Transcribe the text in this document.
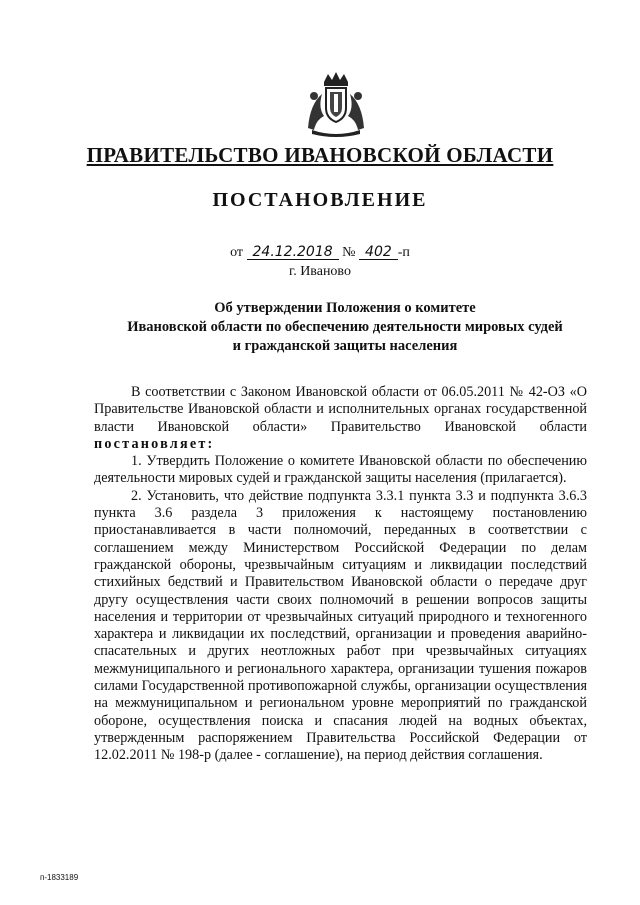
ПРАВИТЕЛЬСТВО ИВАНОВСКОЙ ОБЛАСТИ
ПОСТАНОВЛЕНИЕ
от 24.12.2018 № 402 -п
г. Иваново
Об утверждении Положения о комитете
Ивановской области по обеспечению деятельности мировых судей
и гражданской защиты населения

В соответствии с Законом Ивановской области от 06.05.2011 № 42-ОЗ «О Правительстве Ивановской области и исполнительных органах государственной власти Ивановской области» Правительство Ивановской области постановляет:

1. Утвердить Положение о комитете Ивановской области по обеспечению деятельности мировых судей и гражданской защиты населения (прилагается).

2. Установить, что действие подпункта 3.3.1 пункта 3.3 и подпункта 3.6.3 пункта 3.6 раздела 3 приложения к настоящему постановлению приостанавливается в части полномочий, переданных в соответствии с соглашением между Министерством Российской Федерации по делам гражданской обороны, чрезвычайным ситуациям и ликвидации последствий стихийных бедствий и Правительством Ивановской области о передаче друг другу осуществления части своих полномочий в решении вопросов защиты населения и территории от чрезвычайных ситуаций природного и техногенного характера и ликвидации их последствий, организации и проведения аварийно-спасательных и других неотложных работ при чрезвычайных ситуациях межмуниципального и регионального характера, организации тушения пожаров силами Государственной противопожарной службы, организации осуществления на межмуниципальном и региональном уровне мероприятий по гражданской обороне, осуществления поиска и спасания людей на водных объектах, утвержденным распоряжением Правительства Российской Федерации от 12.02.2011 № 198-р (далее - соглашение), на период действия соглашения.

п-1833189
